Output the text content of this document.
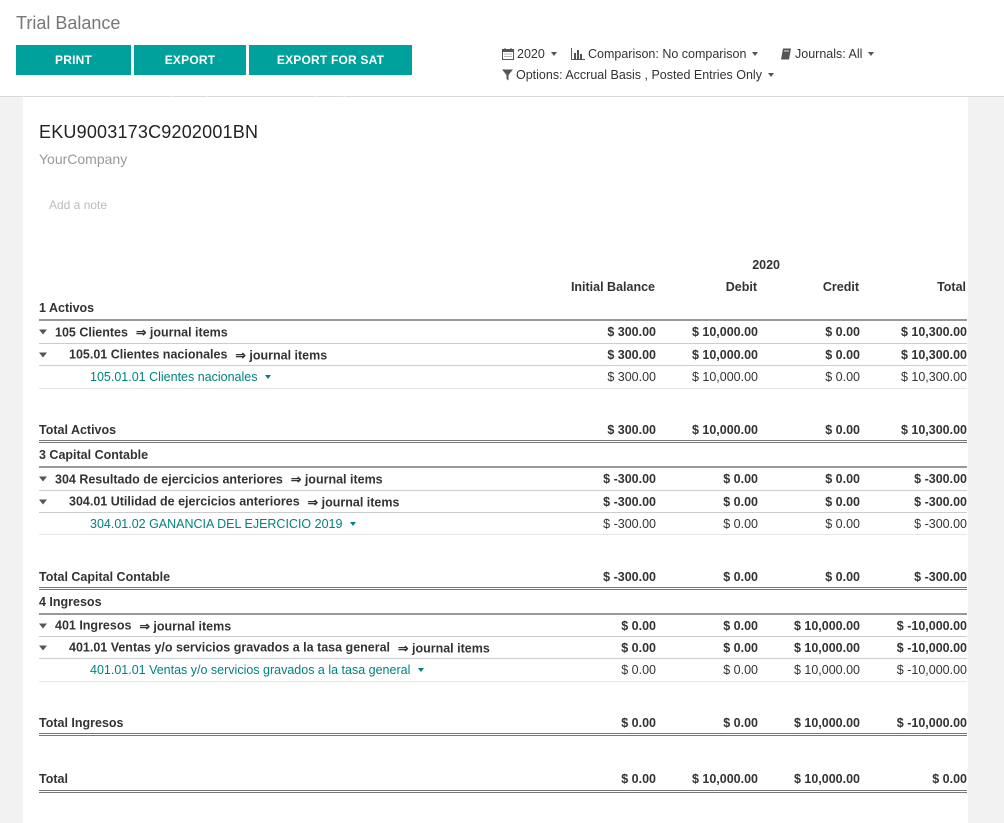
Trial Balance
PRINT PREVIEW
EXPORT (XLSX)
EXPORT FOR SAT (XML)
2020	Comparison: No comparison	Journals: All
Options: Accrual Basis , Posted Entries Only
EKU9003173C9202001BN
YourCompany
Add a note
2020
Initial Balance	Debit	Credit	Total
1 Activos
105 Clientes ⇒ journal items	$ 300.00	$ 10,000.00	$ 0.00	$ 10,300.00
105.01 Clientes nacionales ⇒ journal items	$ 300.00	$ 10,000.00	$ 0.00	$ 10,300.00
105.01.01 Clientes nacionales	$ 300.00	$ 10,000.00	$ 0.00	$ 10,300.00
Total Activos	$ 300.00	$ 10,000.00	$ 0.00	$ 10,300.00
3 Capital Contable
304 Resultado de ejercicios anteriores ⇒ journal items	$ -300.00	$ 0.00	$ 0.00	$ -300.00
304.01 Utilidad de ejercicios anteriores ⇒ journal items	$ -300.00	$ 0.00	$ 0.00	$ -300.00
304.01.02 GANANCIA DEL EJERCICIO 2019	$ -300.00	$ 0.00	$ 0.00	$ -300.00
Total Capital Contable	$ -300.00	$ 0.00	$ 0.00	$ -300.00
4 Ingresos
401 Ingresos ⇒ journal items	$ 0.00	$ 0.00	$ 10,000.00	$ -10,000.00
401.01 Ventas y/o servicios gravados a la tasa general ⇒ journal items	$ 0.00	$ 0.00	$ 10,000.00	$ -10,000.00
401.01.01 Ventas y/o servicios gravados a la tasa general	$ 0.00	$ 0.00	$ 10,000.00	$ -10,000.00
Total Ingresos	$ 0.00	$ 0.00	$ 10,000.00	$ -10,000.00
Total	$ 0.00	$ 10,000.00	$ 10,000.00	$ 0.00
